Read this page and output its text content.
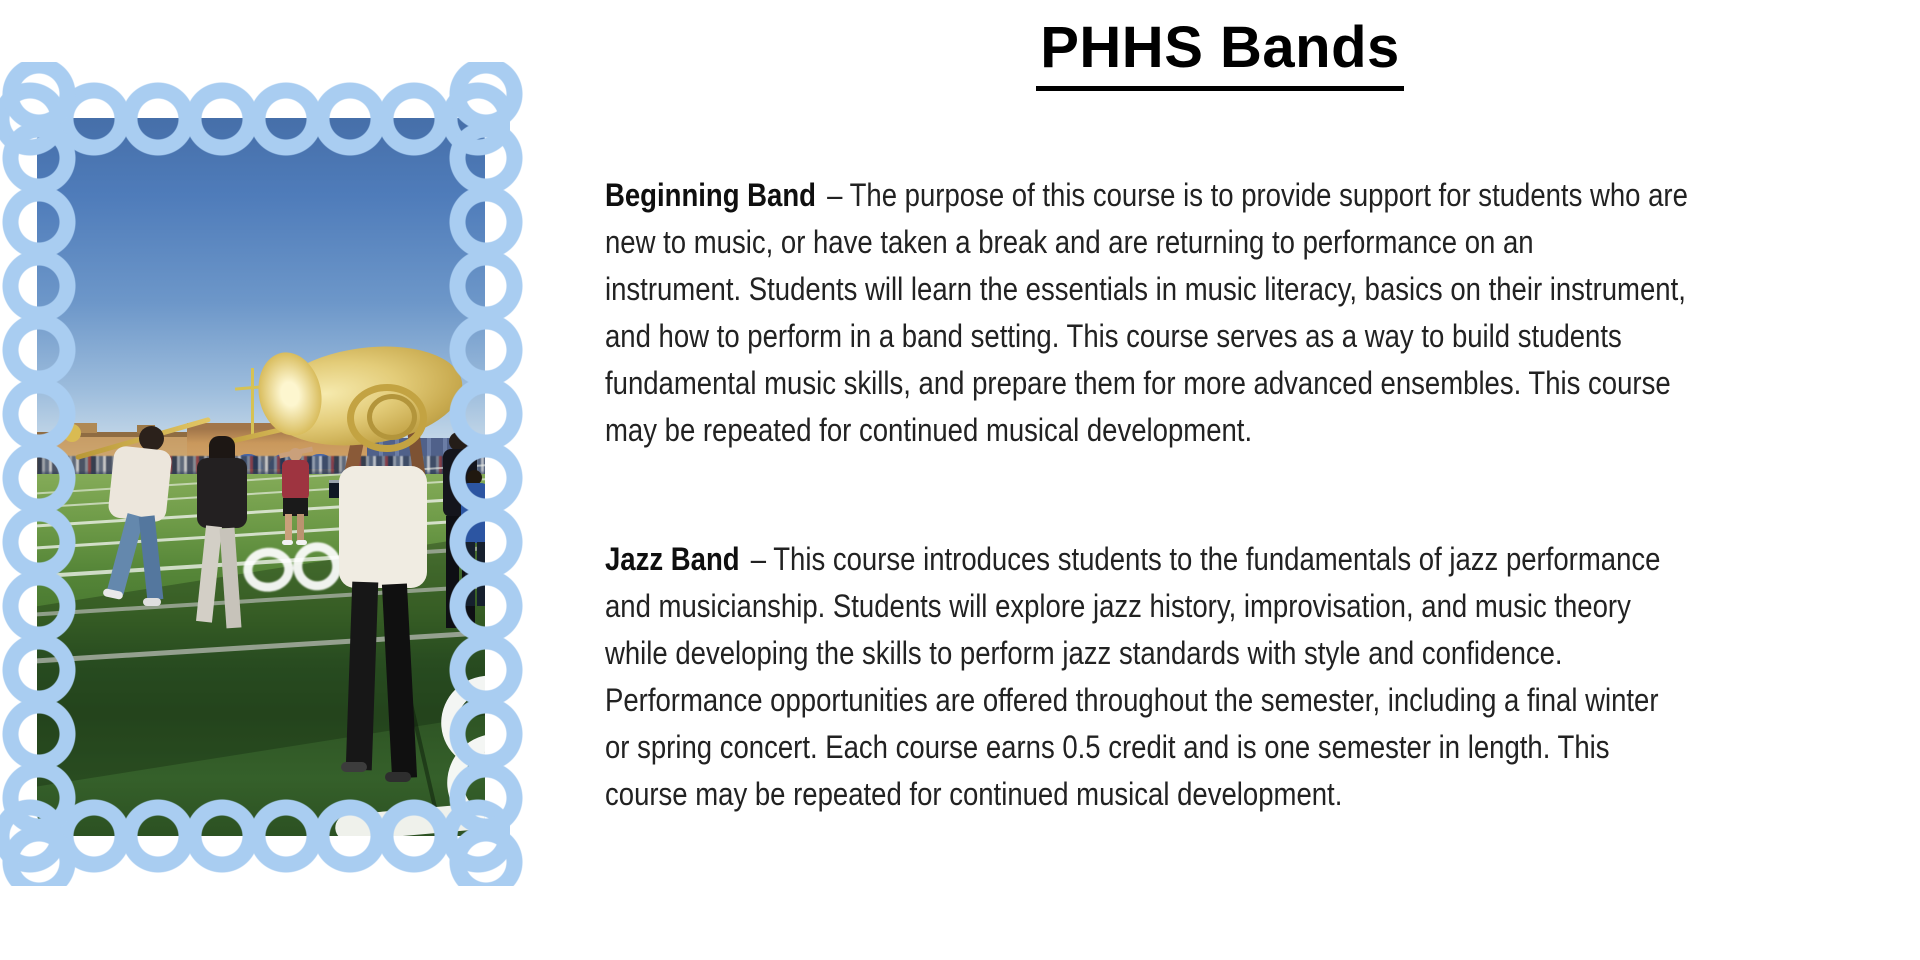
PHHS Bands
Beginning Band – The purpose of this course is to provide support for students who are
new to music, or have taken a break and are returning to performance on an
instrument. Students will learn the essentials in music literacy, basics on their instrument,
and how to perform in a band setting. This course serves as a way to build students
fundamental music skills, and prepare them for more advanced ensembles. This course
may be repeated for continued musical development.
Jazz Band – This course introduces students to the fundamentals of jazz performance
and musicianship. Students will explore jazz history, improvisation, and music theory
while developing the skills to perform jazz standards with style and confidence.
Performance opportunities are offered throughout the semester, including a final winter
or spring concert. Each course earns 0.5 credit and is one semester in length. This
course may be repeated for continued musical development.
